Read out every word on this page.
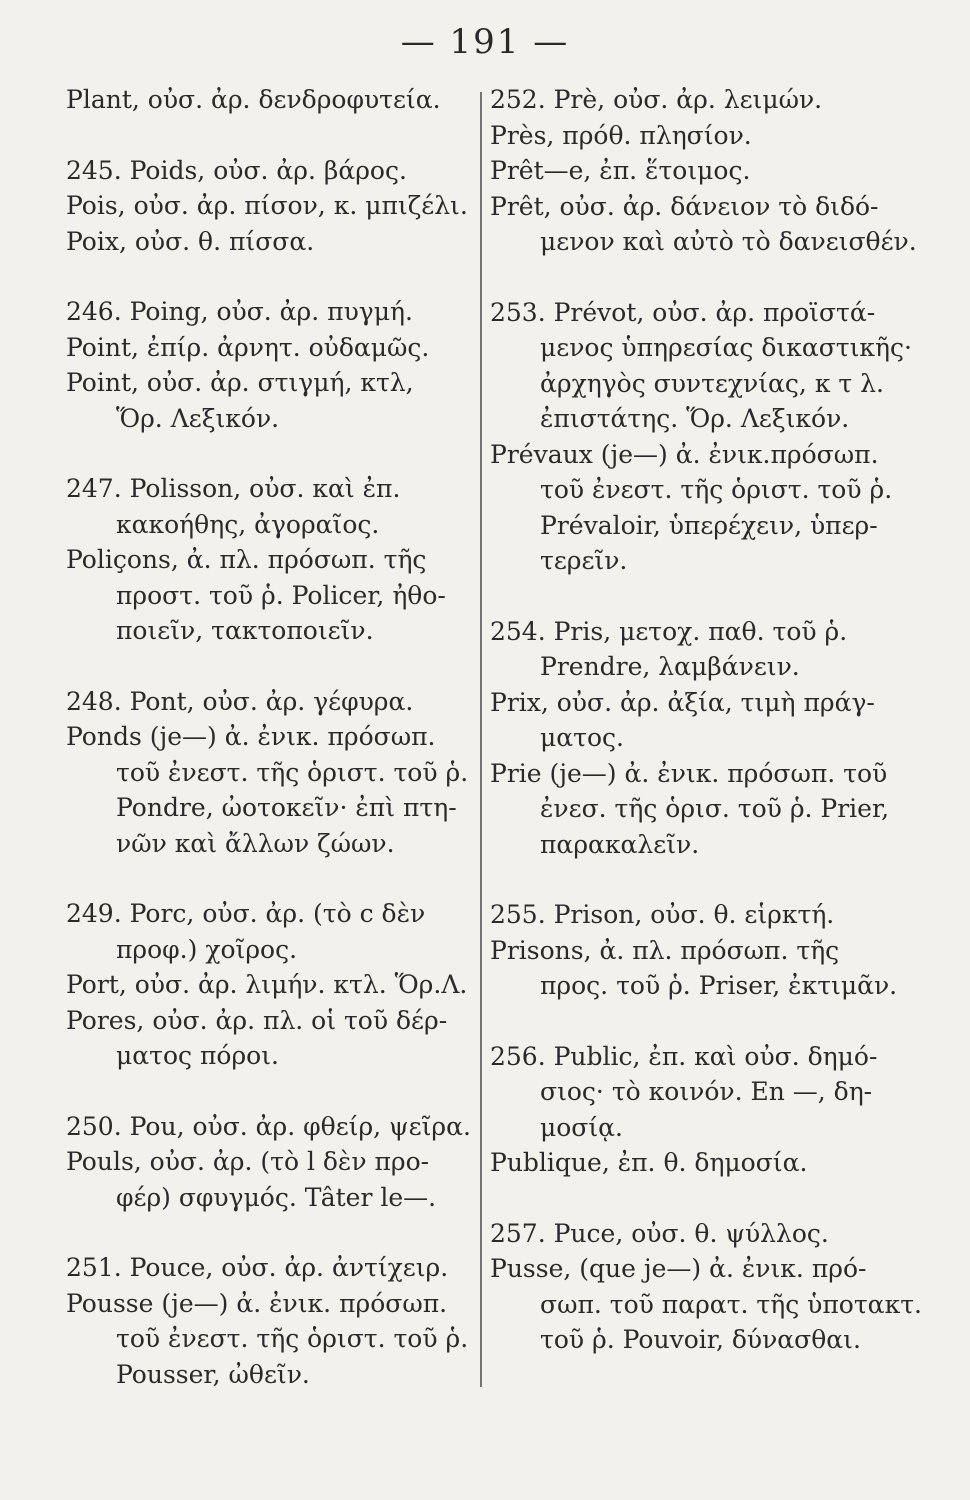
— 191 —
Plant, οὐσ. ἀρ. δενδροφυτεία.
245. Poids, οὐσ. ἀρ. βάρος.
Pois, οὐσ. ἀρ. πίσον, κ. μπιζέλι.
Poix, οὐσ. θ. πίσσα.
246. Poing, οὐσ. ἀρ. πυγμή.
Point, ἐπίρ. ἀρνητ. οὐδαμῶς.
Point, οὐσ. ἀρ. στιγμή, κτλ,
Ὅρ. Λεξικόν.
247. Polisson, οὐσ. καὶ ἐπ.
κακοήθης, ἀγοραῖος.
Poliçons, ἀ. πλ. πρόσωπ. τῆς
προστ. τοῦ ῥ. Policer, ἠθο-
ποιεῖν, τακτοποιεῖν.
248. Pont, οὐσ. ἀρ. γέφυρα.
Ponds (je—) ἀ. ἐνικ. πρόσωπ.
τοῦ ἐνεστ. τῆς ὁριστ. τοῦ ῥ.
Pondre, ὠοτοκεῖν· ἐπὶ πτη-
νῶν καὶ ἄλλων ζώων.
249. Porc, οὐσ. ἀρ. (τὸ c δὲν
προφ.) χοῖρος.
Port, οὐσ. ἀρ. λιμήν. κτλ. Ὅρ.Λ.
Pores, οὐσ. ἀρ. πλ. οἱ τοῦ δέρ-
ματος πόροι.
250. Pou, οὐσ. ἀρ. φθείρ, ψεῖρα.
Pouls, οὐσ. ἀρ. (τὸ l δὲν προ-
φέρ) σφυγμός. Tâter le—.
251. Pouce, οὐσ. ἀρ. ἀντίχειρ.
Pousse (je—) ἀ. ἐνικ. πρόσωπ.
τοῦ ἐνεστ. τῆς ὁριστ. τοῦ ῥ.
Pousser, ὠθεῖν.
252. Prè, οὐσ. ἀρ. λειμών.
Près, πρόθ. πλησίον.
Prêt—e, ἐπ. ἕτοιμος.
Prêt, οὐσ. ἀρ. δάνειον τὸ διδό-
μενον καὶ αὐτὸ τὸ δανεισθέν.
253. Prévot, οὐσ. ἀρ. προϊστά-
μενος ὑπηρεσίας δικαστικῆς·
ἀρχηγὸς συντεχνίας, κ τ λ.
ἐπιστάτης. Ὅρ. Λεξικόν.
Prévaux (je—) ἀ. ἐνικ.πρόσωπ.
τοῦ ἐνεστ. τῆς ὁριστ. τοῦ ῥ.
Prévaloir, ὑπερέχειν, ὑπερ-
τερεῖν.
254. Pris, μετοχ. παθ. τοῦ ῥ.
Prendre, λαμβάνειν.
Prix, οὐσ. ἀρ. ἀξία, τιμὴ πράγ-
ματος.
Prie (je—) ἀ. ἐνικ. πρόσωπ. τοῦ
ἐνεσ. τῆς ὁρισ. τοῦ ῥ. Prier,
παρακαλεῖν.
255. Prison, οὐσ. θ. εἱρκτή.
Prisons, ἀ. πλ. πρόσωπ. τῆς
προς. τοῦ ῥ. Priser, ἐκτιμᾶν.
256. Public, ἐπ. καὶ οὐσ. δημό-
σιος· τὸ κοινόν. En —, δη-
μοσίᾳ.
Publique, ἐπ. θ. δημοσία.
257. Puce, οὐσ. θ. ψύλλος.
Pusse, (que je—) ἀ. ἐνικ. πρό-
σωπ. τοῦ παρατ. τῆς ὑποτακτ.
τοῦ ῥ. Pouvoir, δύνασθαι.
